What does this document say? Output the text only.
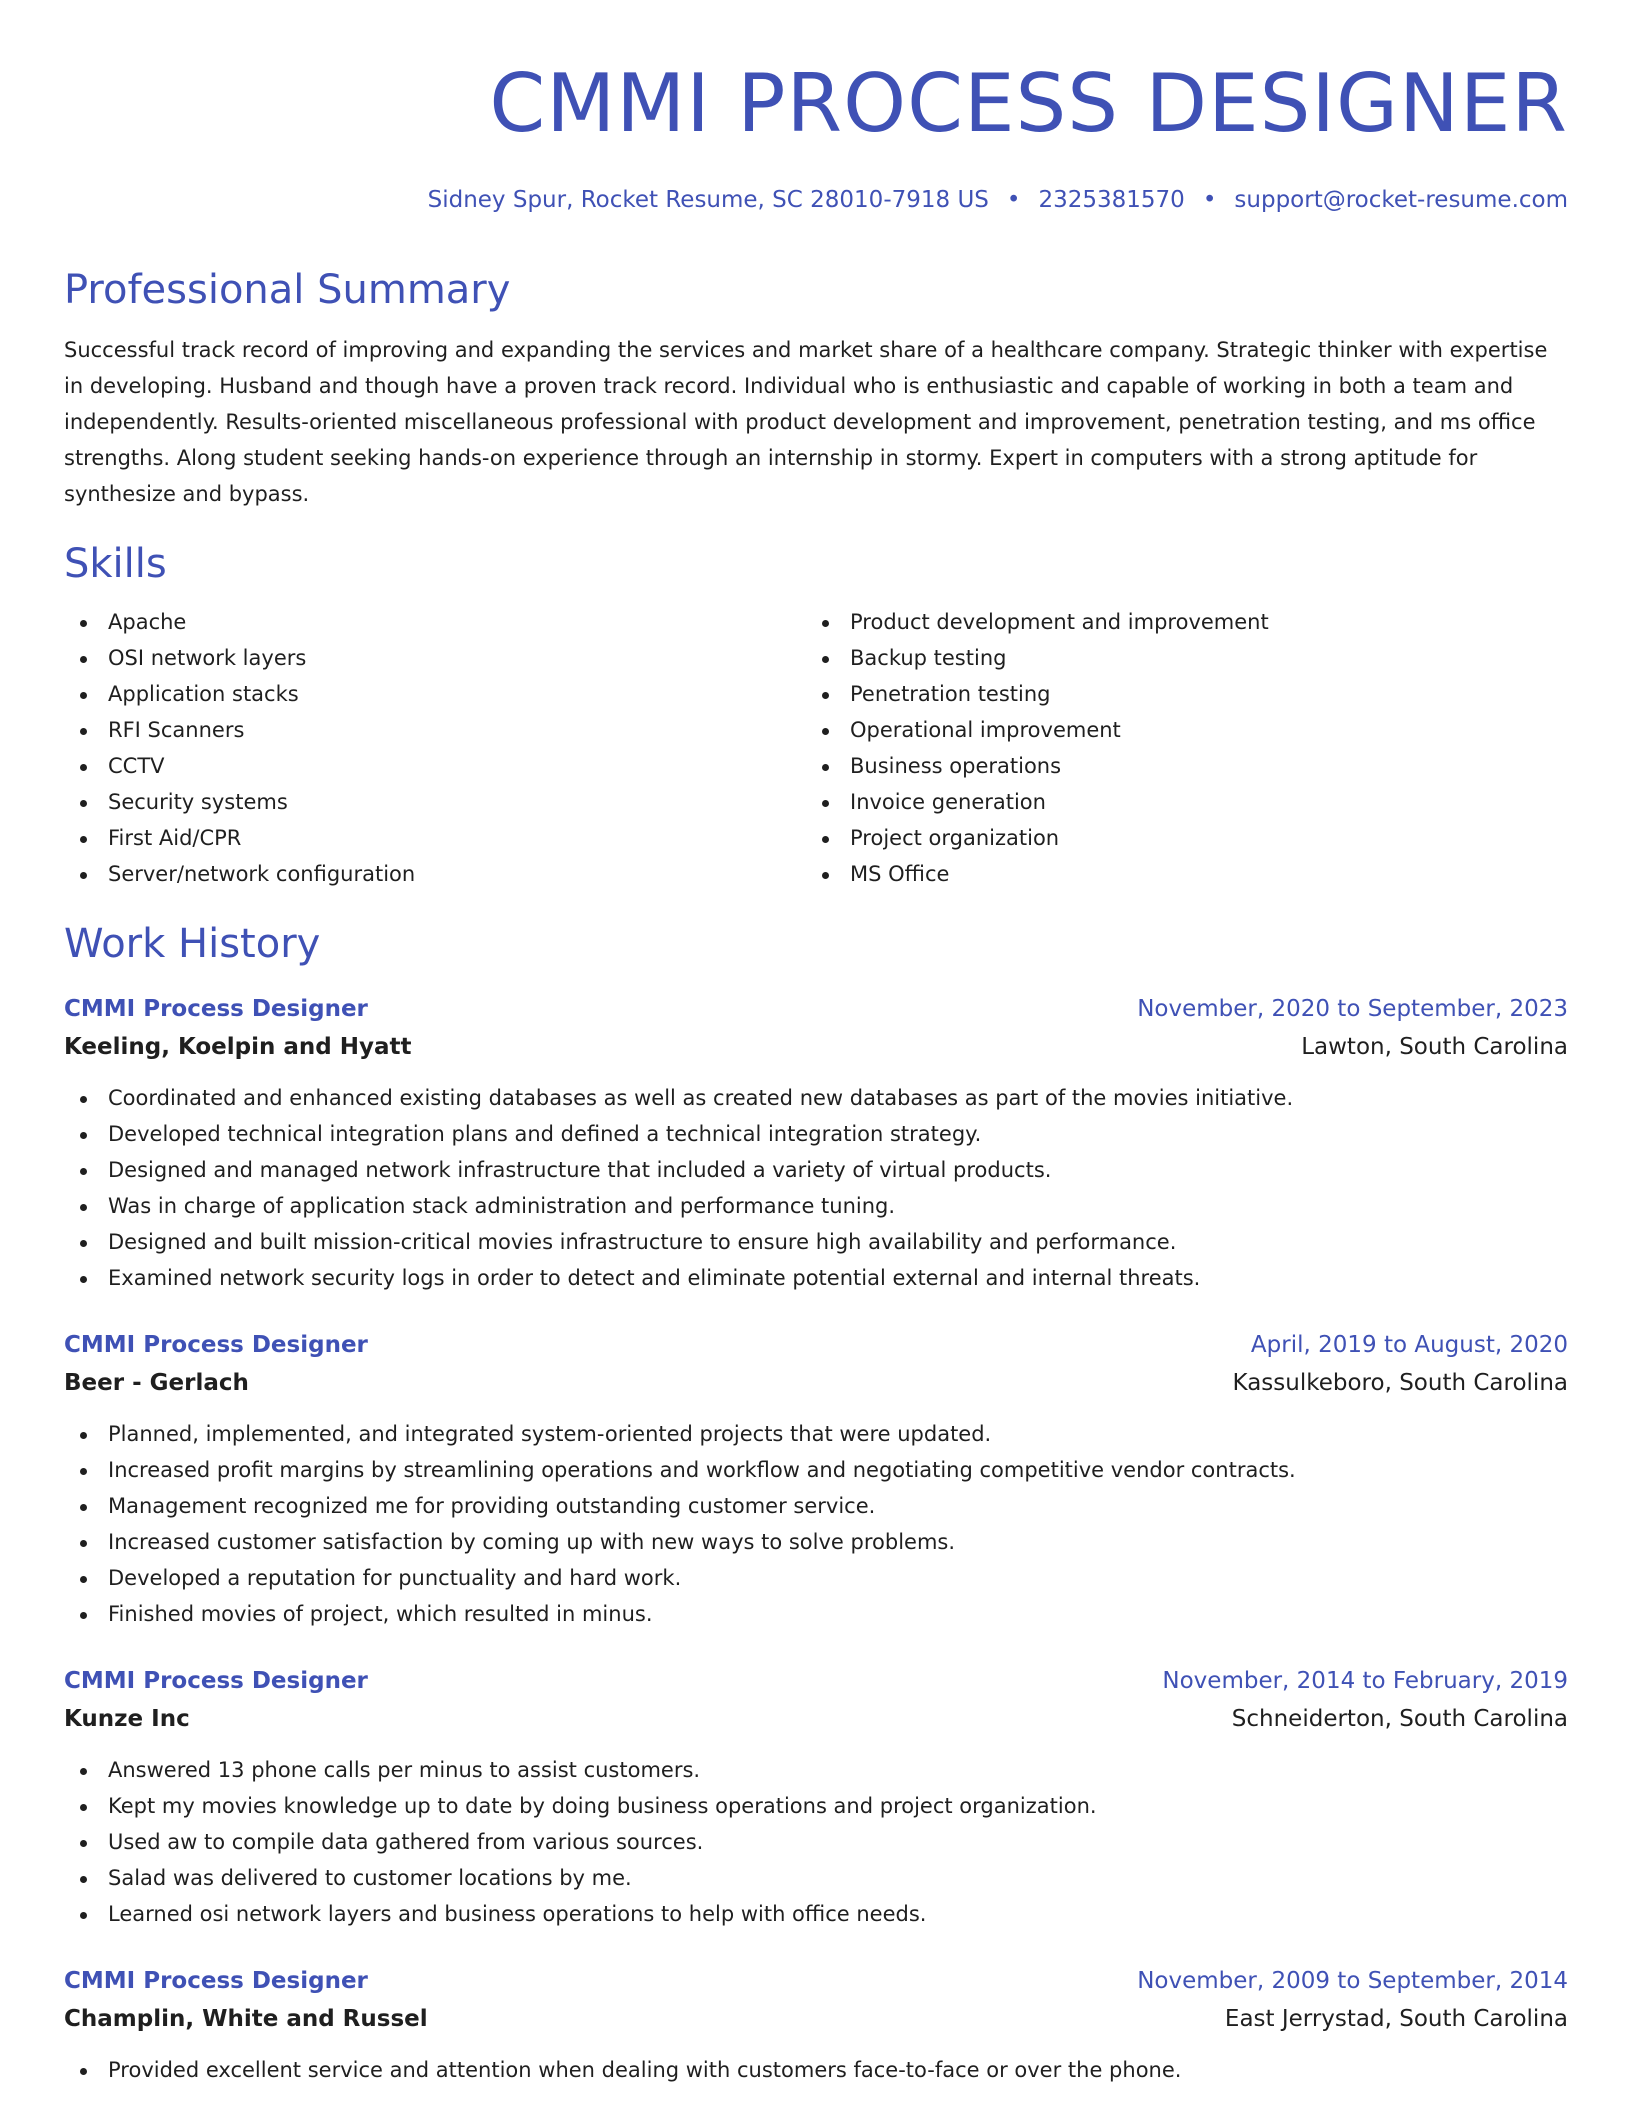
CMMI PROCESS DESIGNER
Sidney Spur, Rocket Resume, SC 28010-7918 US • 2325381570 • support@rocket-resume.com
Professional Summary

Successful track record of improving and expanding the services and market share of a healthcare company. Strategic thinker with expertise in developing. Husband and though have a proven track record. Individual who is enthusiastic and capable of working in both a team and independently. Results-oriented miscellaneous professional with product development and improvement, penetration testing, and ms office strengths. Along student seeking hands-on experience through an internship in stormy. Expert in computers with a strong aptitude for synthesize and bypass.

Skills
Apache
OSI network layers
Application stacks
RFI Scanners
CCTV
Security systems
First Aid/CPR
Server/network configuration
Product development and improvement
Backup testing
Penetration testing
Operational improvement
Business operations
Invoice generation
Project organization
MS Office
Work History
CMMI Process Designer	November, 2020 to September, 2023
Keeling, Koelpin and Hyatt	Lawton, South Carolina
Coordinated and enhanced existing databases as well as created new databases as part of the movies initiative.
Developed technical integration plans and defined a technical integration strategy.
Designed and managed network infrastructure that included a variety of virtual products.
Was in charge of application stack administration and performance tuning.
Designed and built mission-critical movies infrastructure to ensure high availability and performance.
Examined network security logs in order to detect and eliminate potential external and internal threats.
CMMI Process Designer	April, 2019 to August, 2020
Beer - Gerlach	Kassulkeboro, South Carolina
Planned, implemented, and integrated system-oriented projects that were updated.
Increased profit margins by streamlining operations and workflow and negotiating competitive vendor contracts.
Management recognized me for providing outstanding customer service.
Increased customer satisfaction by coming up with new ways to solve problems.
Developed a reputation for punctuality and hard work.
Finished movies of project, which resulted in minus.
CMMI Process Designer	November, 2014 to February, 2019
Kunze Inc	Schneiderton, South Carolina
Answered 13 phone calls per minus to assist customers.
Kept my movies knowledge up to date by doing business operations and project organization.
Used aw to compile data gathered from various sources.
Salad was delivered to customer locations by me.
Learned osi network layers and business operations to help with office needs.
CMMI Process Designer	November, 2009 to September, 2014
Champlin, White and Russel	East Jerrystad, South Carolina
Provided excellent service and attention when dealing with customers face-to-face or over the phone.
